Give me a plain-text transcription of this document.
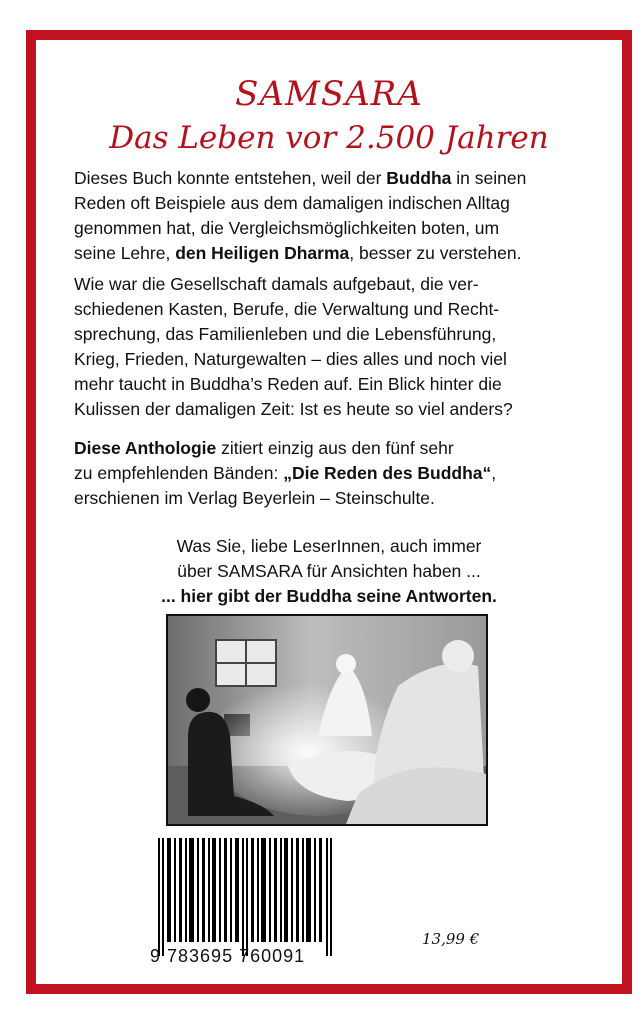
SAMSARA
Das Leben vor 2.500 Jahren
Dieses Buch konnte entstehen, weil der Buddha in seinen
Reden oft Beispiele aus dem damaligen indischen Alltag
genommen hat, die Vergleichsmöglichkeiten boten, um
seine Lehre, den Heiligen Dharma, besser zu verstehen.
Wie war die Gesellschaft damals aufgebaut, die ver-
schiedenen Kasten, Berufe, die Verwaltung und Recht-
sprechung, das Familienleben und die Lebensführung,
Krieg, Frieden, Naturgewalten – dies alles und noch viel
mehr taucht in Buddha’s Reden auf. Ein Blick hinter die
Kulissen der damaligen Zeit: Ist es heute so viel anders?
Diese Anthologie zitiert einzig aus den fünf sehr
zu empfehlenden Bänden: „Die Reden des Buddha“,
erschienen im Verlag Beyerlein – Steinschulte.
Was Sie, liebe LeserInnen, auch immer
über SAMSARA für Ansichten haben ...
... hier gibt der Buddha seine Antworten.
9 783695 760091
13,99 €
